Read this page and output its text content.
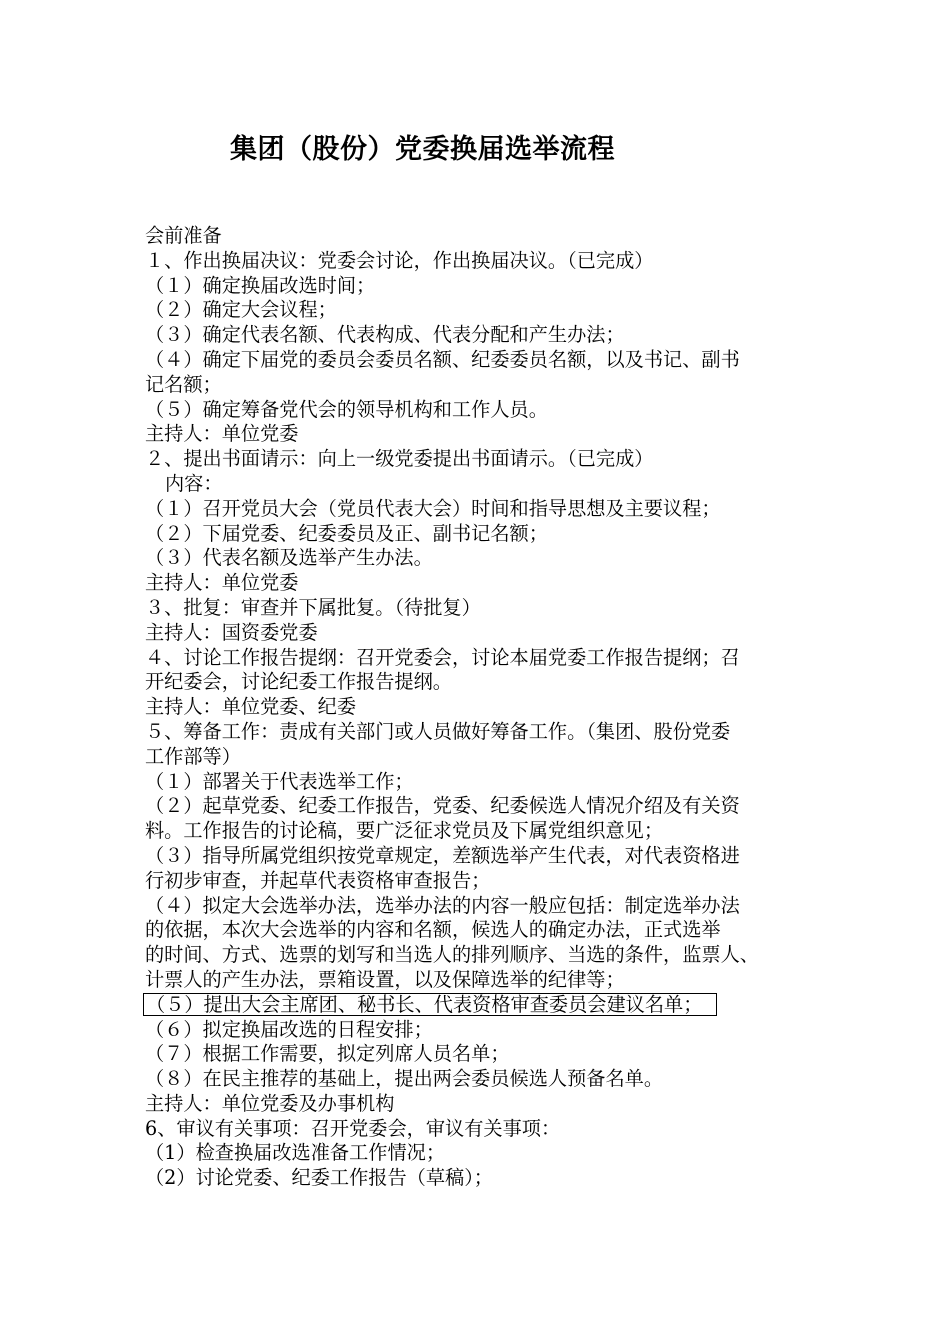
集团（股份）党委换届选举流程
会前准备
１、作出换届决议：党委会讨论，作出换届决议。（已完成）
（１）确定换届改选时间；
（２）确定大会议程；
（３）确定代表名额、代表构成、代表分配和产生办法；
（４）确定下届党的委员会委员名额、纪委委员名额，以及书记、副书
记名额；
（５）确定筹备党代会的领导机构和工作人员。
主持人：单位党委
２、提出书面请示：向上一级党委提出书面请示。（已完成）
内容：
（１）召开党员大会（党员代表大会）时间和指导思想及主要议程；
（２）下届党委、纪委委员及正、副书记名额；
（３）代表名额及选举产生办法。
主持人：单位党委
３、批复：审查并下属批复。（待批复）
主持人：国资委党委
４、讨论工作报告提纲：召开党委会，讨论本届党委工作报告提纲；召
开纪委会，讨论纪委工作报告提纲。
主持人：单位党委、纪委
５、筹备工作：责成有关部门或人员做好筹备工作。（集团、股份党委
工作部等）
（１）部署关于代表选举工作；
（２）起草党委、纪委工作报告，党委、纪委候选人情况介绍及有关资
料。工作报告的讨论稿，要广泛征求党员及下属党组织意见；
（３）指导所属党组织按党章规定，差额选举产生代表，对代表资格进
行初步审查，并起草代表资格审查报告；
（４）拟定大会选举办法，选举办法的内容一般应包括：制定选举办法
的依据，本次大会选举的内容和名额，候选人的确定办法，正式选举
的时间、方式、选票的划写和当选人的排列顺序、当选的条件，监票人、
计票人的产生办法，票箱设置，以及保障选举的纪律等；
（５）提出大会主席团、秘书长、代表资格审查委员会建议名单；
（６）拟定换届改选的日程安排；
（７）根据工作需要，拟定列席人员名单；
（８）在民主推荐的基础上，提出两会委员候选人预备名单。
主持人：单位党委及办事机构
6、审议有关事项：召开党委会，审议有关事项：
（1）检查换届改选准备工作情况；
（2）讨论党委、纪委工作报告（草稿）；
